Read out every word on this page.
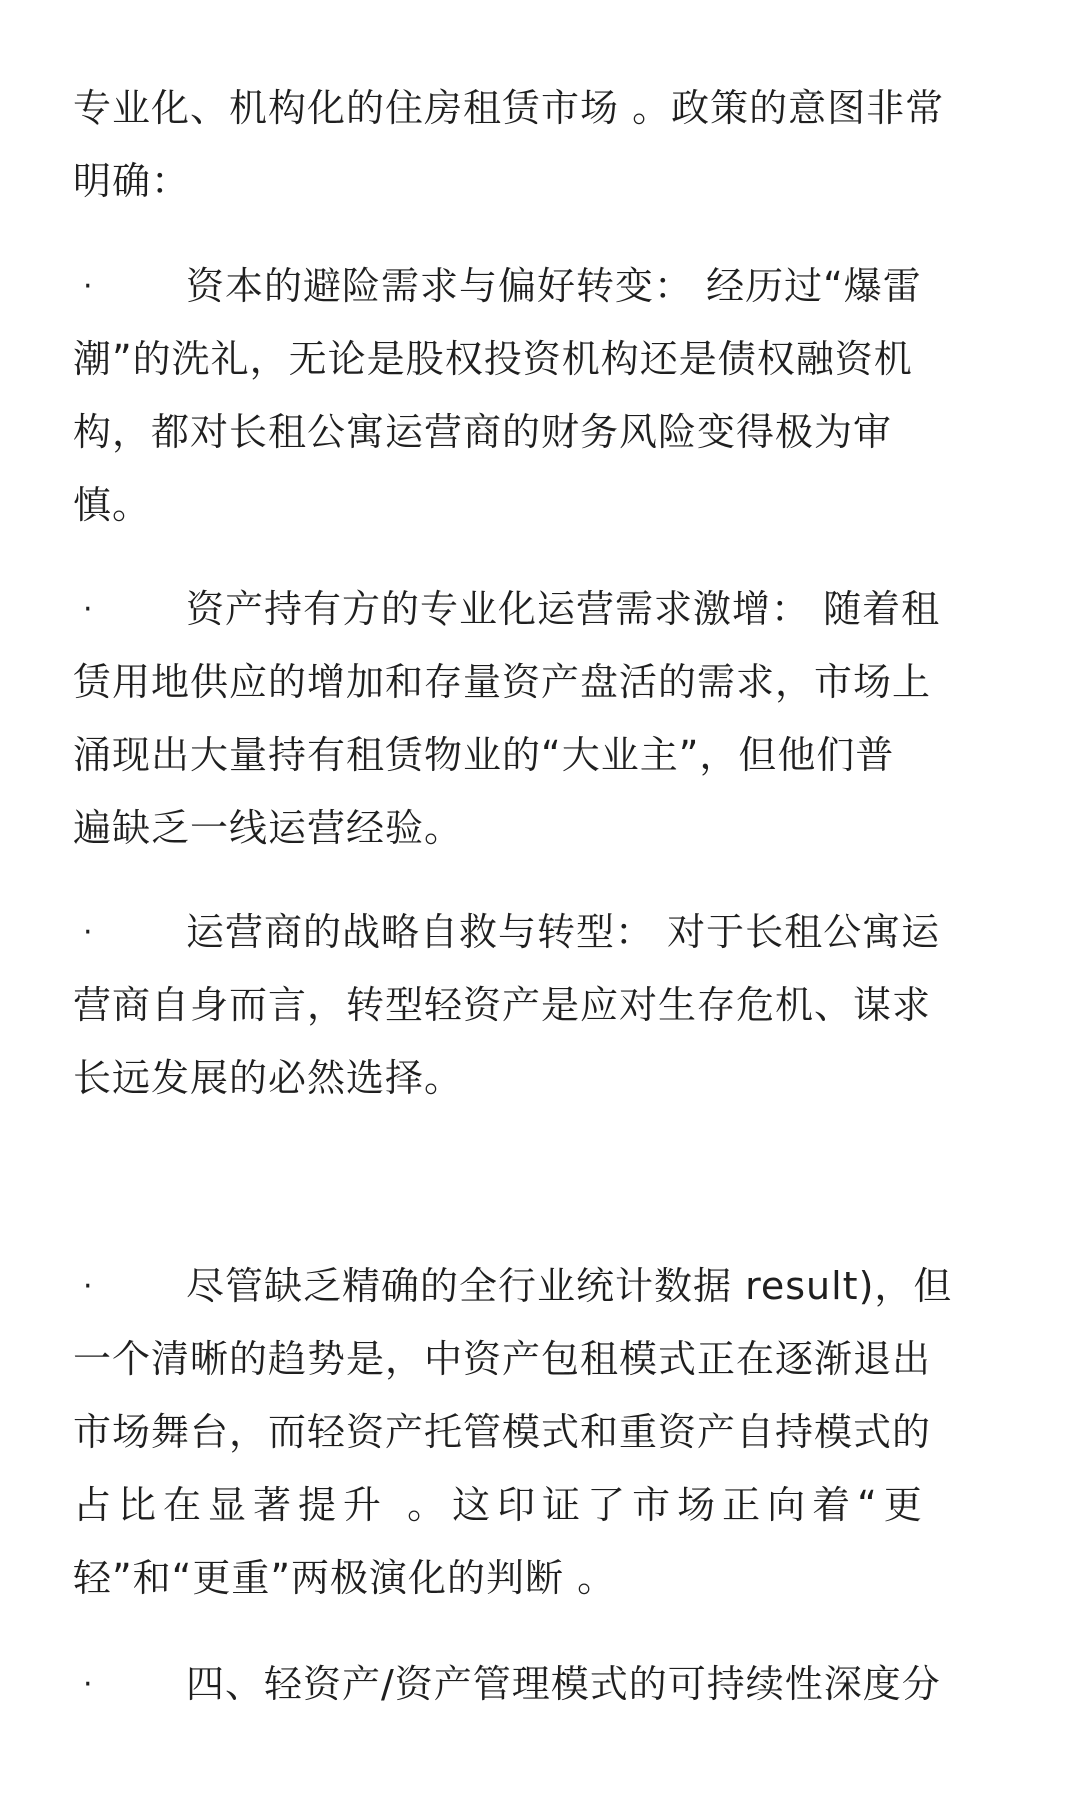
专业化、机构化的住房租赁市场 。政策的意图非常
明确：
· 资本的避险需求与偏好转变： 经历过“爆雷
潮”的洗礼，无论是股权投资机构还是债权融资机
构，都对长租公寓运营商的财务风险变得极为审
慎。
· 资产持有方的专业化运营需求激增： 随着租
赁用地供应的增加和存量资产盘活的需求，市场上
涌现出大量持有租赁物业的“大业主”，但他们普
遍缺乏一线运营经验。
· 运营商的战略自救与转型： 对于长租公寓运
营商自身而言，转型轻资产是应对生存危机、谋求
长远发展的必然选择。
· 尽管缺乏精确的全行业统计数据 result)，但
一个清晰的趋势是，中资产包租模式正在逐渐退出
市场舞台，而轻资产托管模式和重资产自持模式的
占比在显著提升 。这印证了市场正向着“更
轻”和“更重”两极演化的判断 。
· 四、轻资产/资产管理模式的可持续性深度分
